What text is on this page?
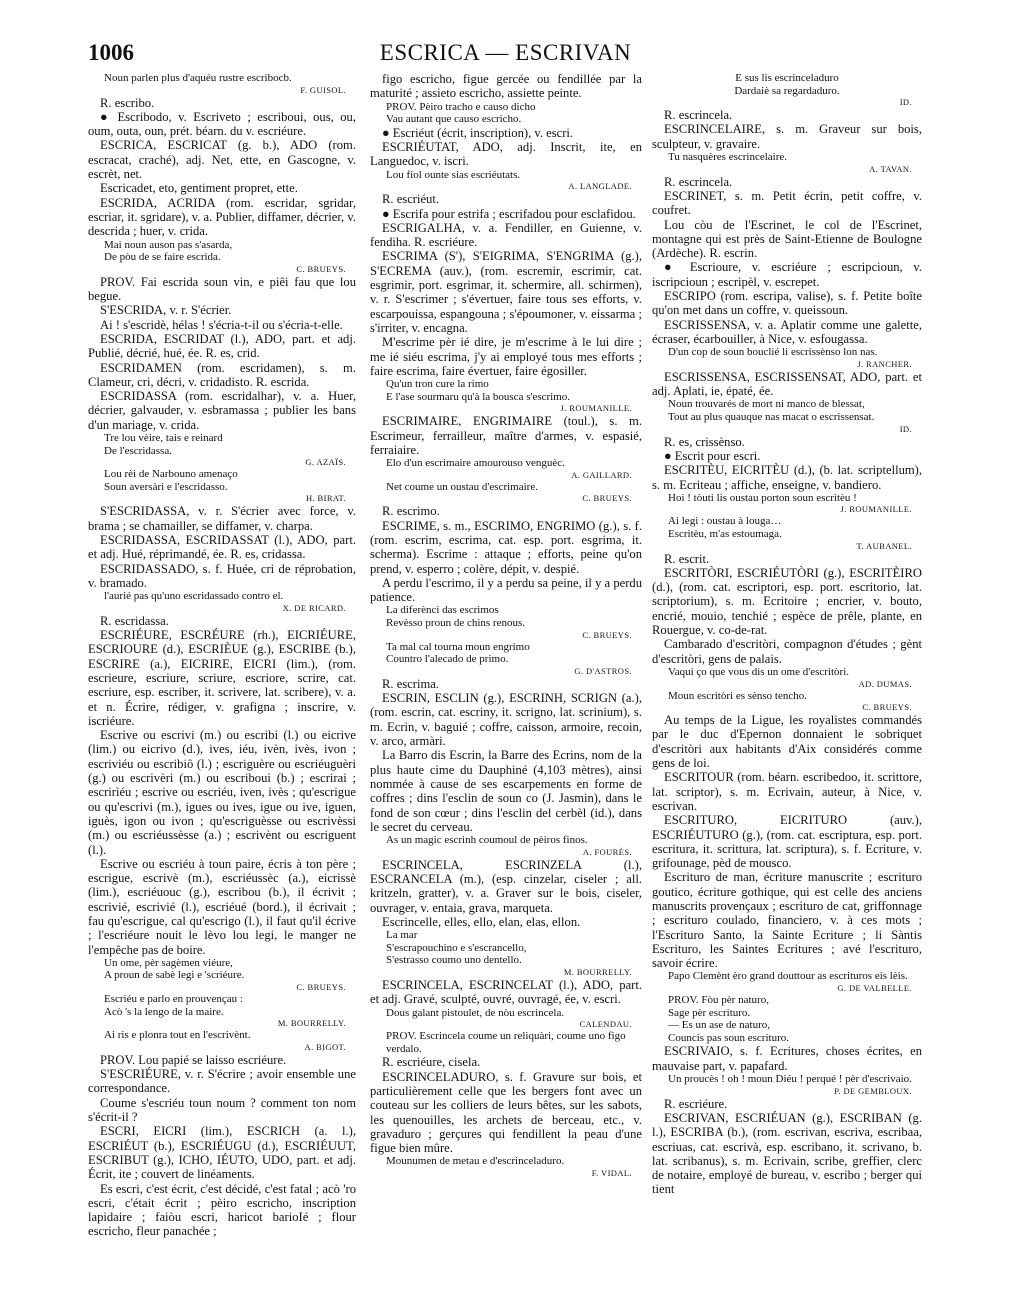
1006	ESCRICA — ESCRIVAN

Noun parlen plus d'aquéu rustre escribocb.

F. GUISOL.

R. escribo.

● Escribodo, v. Escriveto ; escriboui, ous, ou, oum, outa, oun, prét. béarn. du v. escriéure.

ESCRICA, ESCRICAT (g. b.), ADO (rom. escracat, craché), adj. Net, ette, en Gascogne, v. escrèt, net.

Escricadet, eto, gentiment propret, ette.

ESCRIDA, ACRIDA (rom. escridar, sgridar, escriar, it. sgridare), v. a. Publier, diffamer, décrier, v. descrida ; huer, v. crida.

Mai noun auson pas s'asarda,

De pòu de se faire escrida.

C. BRUEYS.

PROV. Fai escrida soun vin, e piêi fau que lou begue.

S'ESCRIDA, v. r. S'écrier.

Ai ! s'escridè, hélas ! s'écria-t-il ou s'écria-t-elle.

ESCRIDA, ESCRIDAT (l.), ADO, part. et adj. Publié, décrié, hué, ée. R. es, crid.

ESCRIDAMEN (rom. escridamen), s. m. Clameur, cri, décri, v. cridadisto. R. escrida.

ESCRIDASSA (rom. escridalhar), v. a. Huer, décrier, galvauder, v. esbramassa ; publier les bans d'un mariage, v. crida.

Tre lou vèire, tais e reinard

De l'escridassa.

G. AZAÏS.

Lou rèi de Narbouno amenaço

Soun aversàri e l'escridasso.

H. BIRAT.

S'ESCRIDASSA, v. r. S'écrier avec force, v. brama ; se chamailler, se diffamer, v. charpa.

ESCRIDASSA, ESCRIDASSAT (l.), ADO, part. et adj. Hué, réprimandé, ée. R. es, cridassa.

ESCRIDASSADO, s. f. Huée, cri de réprobation, v. bramado.

l'aurié pas qu'uno escridassado contro el.

X. DE RICARD.

R. escridassa.

ESCRIÉURE, ESCRÉURE (rh.), EICRIÉURE, ESCRIOURE (d.), ESCRIÈUE (g.), ESCRIBE (b.), ESCRIRE (a.), EICRIRE, EICRI (lim.), (rom. escrieure, escriure, scriure, escriore, scrire, cat. escriure, esp. escriber, it. scrivere, lat. scribere), v. a. et n. Écrire, rédiger, v. grafigna ; inscrire, v. iscriéure.

Escrive ou escrivi (m.) ou escribi (l.) ou eicrive (lim.) ou eicrivo (d.), ives, iéu, ivèn, ivès, ivon ; escriviéu ou escribiô (l.) ; escriguère ou escriéuguèri (g.) ou escrivèri (m.) ou escriboui (b.) ; escrirai ; escrirìéu ; escrive ou escriéu, iven, ivès ; qu'escrigue ou qu'escrivi (m.), igues ou ives, igue ou ive, iguen, iguès, igon ou ivon ; qu'escriguèsse ou escrivèssi (m.) ou escriéussèsse (a.) ; escrivènt ou escriguent (l.).

Escrive ou escriéu à toun paire, écris à ton père ; escrigue, escrivè (m.), escriéussèc (a.), eicrissè (lim.), escriéuouc (g.), escribou (b.), il écrivit ; escrivié, escrivié (l.), escriéué (bord.), il écrivait ; fau qu'escrigue, cal qu'escrigo (l.), il faut qu'il écrive ; l'escriéure nouit le lèvo lou legi, le manger ne l'empêche pas de boire.

Un ome, pèr sagèmen viéure,

A proun de sabè legi e 'scriéure.

C. BRUEYS.

Escriéu e parlo en prouvençau :

Acò 's la lengo de la maire.

M. BOURRELLY.

Ai ris e plonra tout en l'escrivènt.

A. BIGOT.

PROV. Lou papié se laisso escriéure.

S'ESCRIÉURE, v. r. S'écrire ; avoir ensemble une correspondance.

Coume s'escriéu toun noum ? comment ton nom s'écrit-il ?

ESCRI, EICRI (lim.), ESCRICH (a. l.), ESCRIÉUT (b.), ESCRIÉUGU (d.), ESCRIÉUUT, ESCRIBUT (g.), ICHO, IÉUTO, UDO, part. et adj. Écrit, ite ; couvert de linéaments.

Es escri, c'est écrit, c'est décidé, c'est fatal ; acò 'ro escri, c'était écrit ; pèiro escricho, inscription lapidaire ; faiòu escri, haricot barioIé ; flour escricho, fleur panachée ;

figo escricho, figue gercée ou fendillée par la maturité ; assieto escricho, assiette peinte.

PROV. Pèiro tracho e causo dicho

Vau autant que causo escricho.

● Escriéut (écrit, inscription), v. escri.

ESCRIÉUTAT, ADO, adj. Inscrit, ite, en Languedoc, v. iscri.

Lou fiol ounte sias escriéutats.

A. LANGLADE.

R. escriéut.

● Escrifa pour estrifa ; escrifadou pour esclafidou.

ESCRIGALHA, v. a. Fendiller, en Guienne, v. fendiha. R. escriéure.

ESCRIMA (S'), S'EIGRIMA, S'ENGRIMA (g.), S'ECREMA (auv.), (rom. escremir, escrimir, cat. esgrimir, port. esgrimar, it. schermire, all. schirmen), v. r. S'escrimer ; s'évertuer, faire tous ses efforts, v. escarpouissa, espangouna ; s'époumoner, v. eissarma ; s'irriter, v. encagna.

M'escrime pèr ié dire, je m'escrime à le lui dire ; me ié siéu escrima, j'y ai employé tous mes efforts ; faire escrima, faire évertuer, faire égosiller.

Qu'un tron cure la rimo

E l'ase sourmaru qu'à la bousca s'escrimo.

J. ROUMANILLE.

ESCRIMAIRE, ENGRIMAIRE (toul.), s. m. Escrimeur, ferrailleur, maître d'armes, v. espasié, ferraiaire.

Elo d'un escrimaire amourouso venguèc.

A. GAILLARD.

Net coume un oustau d'escrimaire.

C. BRUEYS.

R. escrimo.

ESCRIME, s. m., ESCRIMO, ENGRIMO (g.), s. f. (rom. escrim, escrima, cat. esp. port. esgrima, it. scherma). Escrime : attaque ; efforts, peine qu'on prend, v. esperro ; colère, dépit, v. despié.

A perdu l'escrimo, il y a perdu sa peine, il y a perdu patience.

La diferènci das escrimos

Revèsso proun de chins renous.

C. BRUEYS.

Ta mal cal tourna moun engrimo

Countro l'alecado de primo.

G. D'ASTROS.

R. escrima.

ESCRIN, ESCLIN (g.), ESCRINH, SCRIGN (a.), (rom. escrin, cat. escriny, it. scrigno, lat. scrinium), s. m. Ecrin, v. baguié ; coffre, caisson, armoire, recoin, v. arco, armàri.

La Barro dis Escrin, la Barre des Ecrins, nom de la plus haute cime du Dauphiné (4,103 mètres), ainsi nommée à cause de ses escarpements en forme de coffres ; dins l'esclin de soun co (J. Jasmin), dans le fond de son cœur ; dins l'esclin del cerbèl (id.), dans le secret du cerveau.

As un magic escrinh coumoul de pèiros finos.

A. FOURÈS.

ESCRINCELA, ESCRINZELA (l.), ESCRANCELA (m.), (esp. cinzelar, ciseler ; all. kritzeln, gratter), v. a. Graver sur le bois, ciseler, ouvrager, v. entaia, grava, marqueta.

Escrincelle, elles, ello, elan, elas, ellon.

La mar

S'escrapouchino e s'escrancello,

S'estrasso coumo uno dentello.

M. BOURRELLY.

ESCRINCELA, ESCRINCELAT (l.), ADO, part. et adj. Gravé, sculpté, ouvré, ouvragé, ée, v. escri.

Dous galant pistoulet, de nòu escrincela.

CALENDAU.

PROV. Escrincela coume un reliquàri, coume uno figo verdalo.

R. escriéure, cisela.

ESCRINCELADURO, s. f. Gravure sur bois, et particulièrement celle que les bergers font avec un couteau sur les colliers de leurs bêtes, sur les sabots, les quenouilles, les archets de berceau, etc., v. gravaduro ; gerçures qui fendillent la peau d'une figue bien mûre.

Mounumen de metau e d'escrinceladuro.

F. VIDAL.

E sus lis escrinceladuro

Dardaiè sa regardaduro.

ID.

R. escrincela.

ESCRINCELAIRE, s. m. Graveur sur bois, sculpteur, v. gravaire.

Tu nasquères escrincelaire.

A. TAVAN.

R. escrincela.

ESCRINET, s. m. Petit écrin, petit coffre, v. coufret.

Lou còu de l'Escrinet, le col de l'Escrinet, montagne qui est près de Saint-Etienne de Boulogne (Ardèche). R. escrin.

● Escrioure, v. escriéure ; escripcioun, v. iscripcioun ; escripèl, v. escrepet.

ESCRIPO (rom. escripa, valise), s. f. Petite boîte qu'on met dans un coffre, v. queissoun.

ESCRISSENSA, v. a. Aplatir comme une galette, écraser, écarbouiller, à Nice, v. esfougassa.

D'un cop de soun bouclié li escrissènso lon nas.

J. RANCHER.

ESCRISSENSA, ESCRISSENSAT, ADO, part. et adj. Aplati, ie, épaté, ée.

Noun trouvarés de mort ni manco de blessat,

Tout au plus quauque nas macat o escrissensat.

ID.

R. es, crissènso.

● Escrit pour escri.

ESCRITÈU, EICRITÈU (d.), (b. lat. scriptellum), s. m. Ecriteau ; affiche, enseigne, v. bandiero.

Hoi ! tòuti lis oustau porton soun escritèu !

J. ROUMANILLE.

Ai legi : oustau à louga…

Escritèu, m'as estoumaga.

T. AUBANEL.

R. escrit.

ESCRITÒRI, ESCRIÉUTÒRI (g.), ESCRITÈIRO (d.), (rom. cat. escriptori, esp. port. escritorio, lat. scriptorium), s. m. Ecritoire ; encrier, v. bouto, encrié, mouio, tenchié ; espèce de prêle, plante, en Rouergue, v. co-de-rat.

Cambarado d'escritòri, compagnon d'études ; gènt d'escritòri, gens de palais.

Vaqui ço que vous dis un ome d'escritòri.

AD. DUMAS.

Moun escritòri es sènso tencho.

C. BRUEYS.

Au temps de la Ligue, les royalistes commandés par le duc d'Epernon donnaient le sobriquet d'escritòri aux habitants d'Aix considérés comme gens de loi.

ESCRITOUR (rom. béarn. escribedoo, it. scrittore, lat. scriptor), s. m. Ecrivain, auteur, à Nice, v. escrivan.

ESCRITURO, EICRITURO (auv.), ESCRIÉUTURO (g.), (rom. cat. escriptura, esp. port. escritura, it. scrittura, lat. scriptura), s. f. Ecriture, v. grifounage, pèd de mousco.

Escrituro de man, écriture manuscrite ; escrituro goutico, écriture gothique, qui est celle des anciens manuscrits provençaux ; escrituro de cat, griffonnage ; escrituro coulado, financiero, v. à ces mots ; l'Escrituro Santo, la Sainte Ecriture ; li Sàntis Escrituro, les Saintes Ecritures ; avé l'escrituro, savoir écrire.

Papo Clemènt èro grand douttour as escrituros eis lèis.

G. DE VALBELLE.

PROV. Fòu pèr naturo,

Sage pèr escrituro.

— Es un ase de naturo,

Councis pas soun escrituro.

ESCRIVAIO, s. f. Ecritures, choses écrites, en mauvaise part, v. papafard.

Un proucès ! oh ! moun Diéu ! perqué ! pèr d'escrivaio.

P. DE GEMBLOUX.

R. escriéure.

ESCRIVAN, ESCRIÉUAN (g.), ESCRIBAN (g. l.), ESCRIBA (b.), (rom. escrivan, escriva, escribaa, escriuas, cat. escrivà, esp. escribano, it. scrivano, b. lat. scribanus), s. m. Ecrivain, scribe, greffier, clerc de notaire, employé de bureau, v. escribo ; berger qui tient
